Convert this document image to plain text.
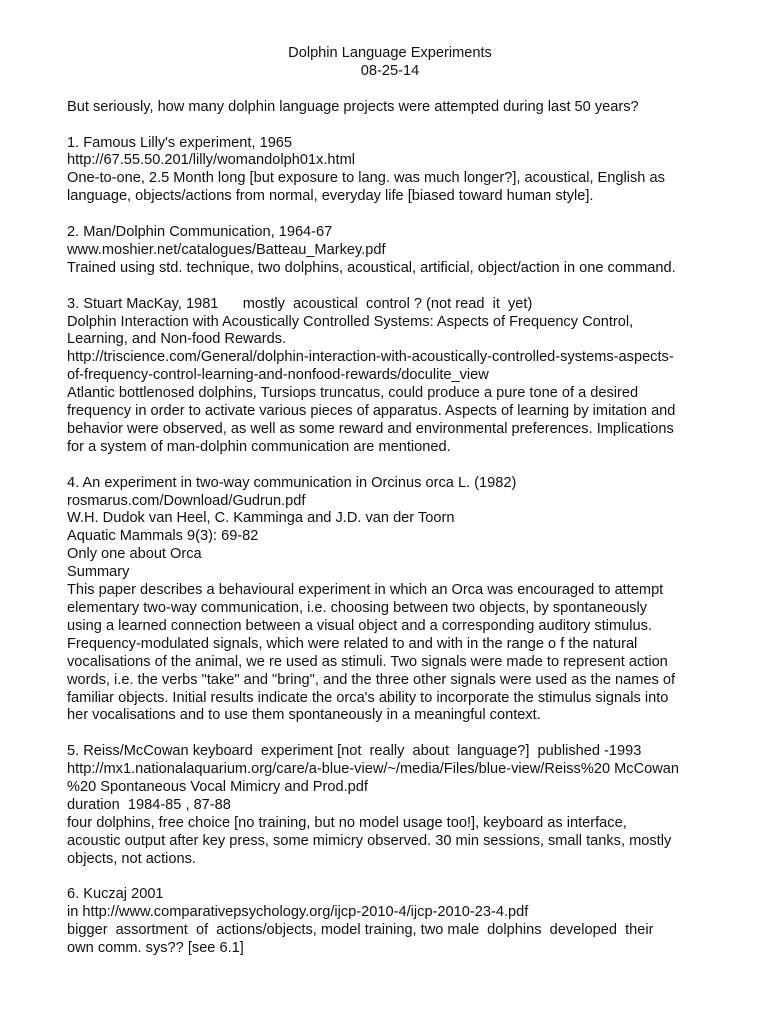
Dolphin Language Experiments
08-25-14
But seriously, how many dolphin language projects were attempted during last 50 years?
1. Famous Lilly's experiment, 1965
http://67.55.50.201/lilly/womandolph01x.html
One-to-one, 2.5 Month long [but exposure to lang. was much longer?], acoustical, English as
language, objects/actions from normal, everyday life [biased toward human style].
2. Man/Dolphin Communication, 1964-67
www.moshier.net/catalogues/Batteau_Markey.pdf
Trained using std. technique, two dolphins, acoustical, artificial, object/action in one command.
3. Stuart MacKay, 1981      mostly  acoustical  control ? (not read  it  yet)
Dolphin Interaction with Acoustically Controlled Systems: Aspects of Frequency Control,
Learning, and Non-food Rewards.
http://triscience.com/General/dolphin-interaction-with-acoustically-controlled-systems-aspects-
of-frequency-control-learning-and-nonfood-rewards/doculite_view
Atlantic bottlenosed dolphins, Tursiops truncatus, could produce a pure tone of a desired
frequency in order to activate various pieces of apparatus. Aspects of learning by imitation and
behavior were observed, as well as some reward and environmental preferences. Implications
for a system of man-dolphin communication are mentioned.
4. An experiment in two-way communication in Orcinus orca L. (1982)
rosmarus.com/Download/Gudrun.pdf
W.H. Dudok van Heel, C. Kamminga and J.D. van der Toorn
Aquatic Mammals 9(3): 69-82
Only one about Orca
Summary
This paper describes a behavioural experiment in which an Orca was encouraged to attempt
elementary two-way communication, i.e. choosing between two objects, by spontaneously
using a learned connection between a visual object and a corresponding auditory stimulus.
Frequency-modulated signals, which were related to and with in the range o f the natural
vocalisations of the animal, we re used as stimuli. Two signals were made to represent action
words, i.e. the verbs "take" and "bring", and the three other signals were used as the names of
familiar objects. Initial results indicate the orca's ability to incorporate the stimulus signals into
her vocalisations and to use them spontaneously in a meaningful context.
5. Reiss/McCowan keyboard  experiment [not  really  about  language?]  published -1993
http://mx1.nationalaquarium.org/care/a-blue-view/~/media/Files/blue-view/Reiss%20 McCowan
%20 Spontaneous Vocal Mimicry and Prod.pdf
duration  1984-85 , 87-88
four dolphins, free choice [no training, but no model usage too!], keyboard as interface,
acoustic output after key press, some mimicry observed. 30 min sessions, small tanks, mostly
objects, not actions.
6. Kuczaj 2001
in http://www.comparativepsychology.org/ijcp-2010-4/ijcp-2010-23-4.pdf
bigger  assortment  of  actions/objects, model training, two male  dolphins  developed  their
own comm. sys?? [see 6.1]
